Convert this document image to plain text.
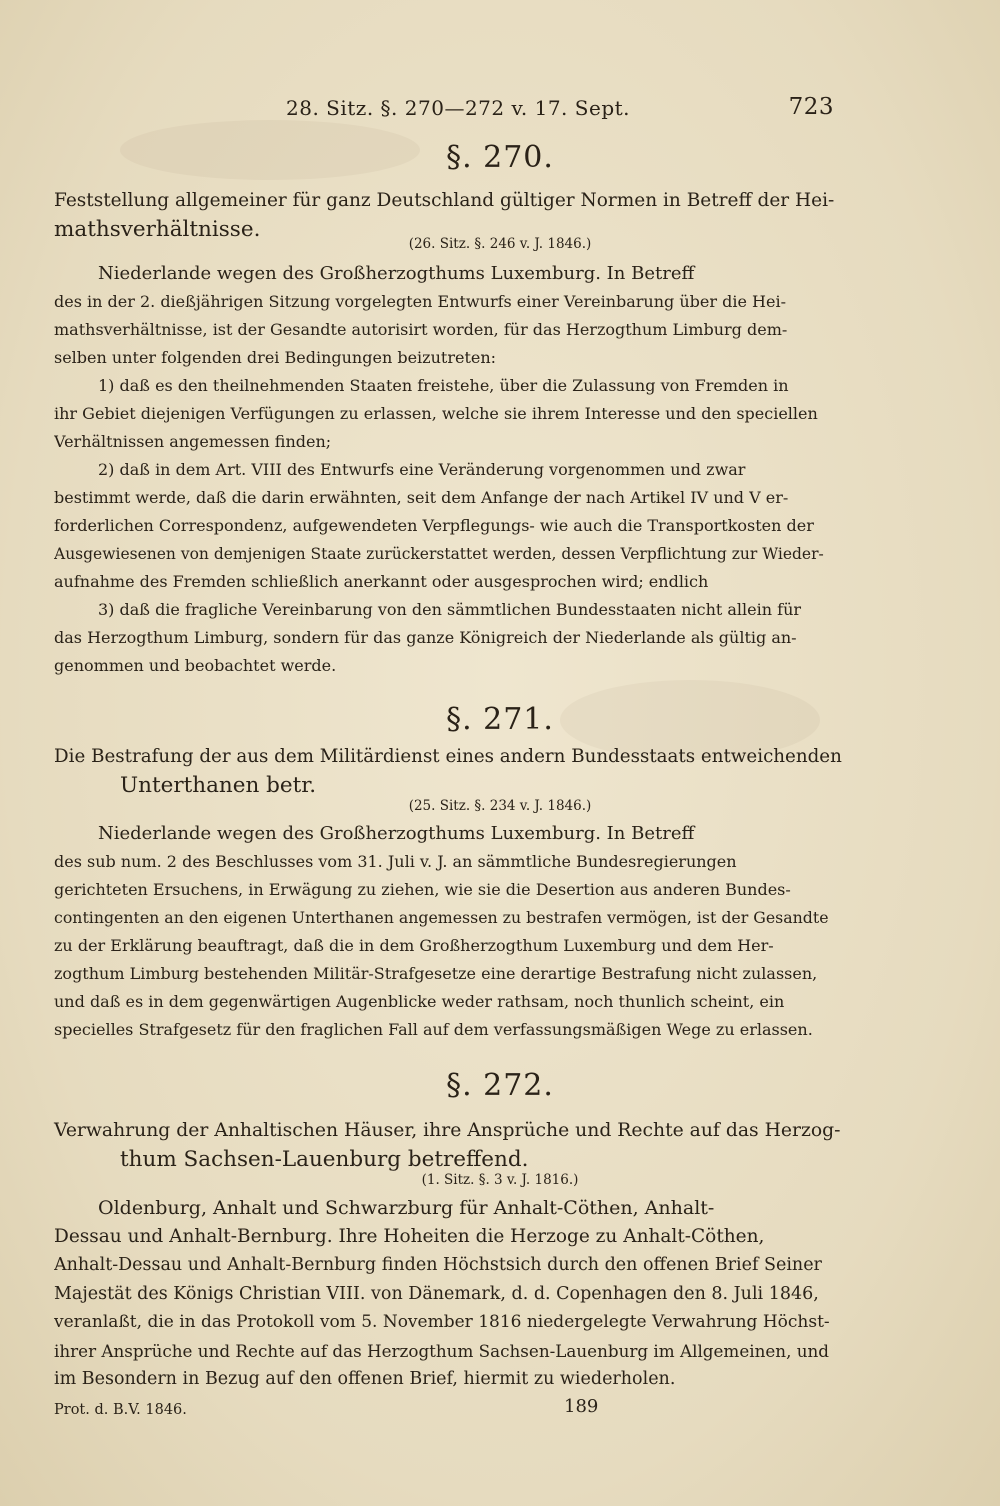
28. Sitz. §. 270—272 v. 17. Sept.	723
§. 270.
Feststellung allgemeiner für ganz Deutschland gültiger Normen in Betreff der Hei-
mathsverhältnisse.
(26. Sitz. §. 246 v. J. 1846.)
Niederlande wegen des Großherzogthums Luxemburg. In Betreff
des in der 2. dießjährigen Sitzung vorgelegten Entwurfs einer Vereinbarung über die Hei-
mathsverhältnisse, ist der Gesandte autorisirt worden, für das Herzogthum Limburg dem-
selben unter folgenden drei Bedingungen beizutreten:
1) daß es den theilnehmenden Staaten freistehe, über die Zulassung von Fremden in
ihr Gebiet diejenigen Verfügungen zu erlassen, welche sie ihrem Interesse und den speciellen
Verhältnissen angemessen finden;
2) daß in dem Art. VIII des Entwurfs eine Veränderung vorgenommen und zwar
bestimmt werde, daß die darin erwähnten, seit dem Anfange der nach Artikel IV und V er-
forderlichen Correspondenz, aufgewendeten Verpflegungs- wie auch die Transportkosten der
Ausgewiesenen von demjenigen Staate zurückerstattet werden, dessen Verpflichtung zur Wieder-
aufnahme des Fremden schließlich anerkannt oder ausgesprochen wird; endlich
3) daß die fragliche Vereinbarung von den sämmtlichen Bundesstaaten nicht allein für
das Herzogthum Limburg, sondern für das ganze Königreich der Niederlande als gültig an-
genommen und beobachtet werde.
§. 271.
Die Bestrafung der aus dem Militärdienst eines andern Bundesstaats entweichenden
Unterthanen betr.
(25. Sitz. §. 234 v. J. 1846.)
Niederlande wegen des Großherzogthums Luxemburg. In Betreff
des sub num. 2 des Beschlusses vom 31. Juli v. J. an sämmtliche Bundesregierungen
gerichteten Ersuchens, in Erwägung zu ziehen, wie sie die Desertion aus anderen Bundes-
contingenten an den eigenen Unterthanen angemessen zu bestrafen vermögen, ist der Gesandte
zu der Erklärung beauftragt, daß die in dem Großherzogthum Luxemburg und dem Her-
zogthum Limburg bestehenden Militär-Strafgesetze eine derartige Bestrafung nicht zulassen,
und daß es in dem gegenwärtigen Augenblicke weder rathsam, noch thunlich scheint, ein
specielles Strafgesetz für den fraglichen Fall auf dem verfassungsmäßigen Wege zu erlassen.
§. 272.
Verwahrung der Anhaltischen Häuser, ihre Ansprüche und Rechte auf das Herzog-
thum Sachsen-Lauenburg betreffend.
(1. Sitz. §. 3 v. J. 1816.)
Oldenburg, Anhalt und Schwarzburg für Anhalt-Cöthen, Anhalt-
Dessau und Anhalt-Bernburg. Ihre Hoheiten die Herzoge zu Anhalt-Cöthen,
Anhalt-Dessau und Anhalt-Bernburg finden Höchstsich durch den offenen Brief Seiner
Majestät des Königs Christian VIII. von Dänemark, d. d. Copenhagen den 8. Juli 1846,
veranlaßt, die in das Protokoll vom 5. November 1816 niedergelegte Verwahrung Höchst-
ihrer Ansprüche und Rechte auf das Herzogthum Sachsen-Lauenburg im Allgemeinen, und
im Besondern in Bezug auf den offenen Brief, hiermit zu wiederholen.
Prot. d. B.V. 1846.	189
